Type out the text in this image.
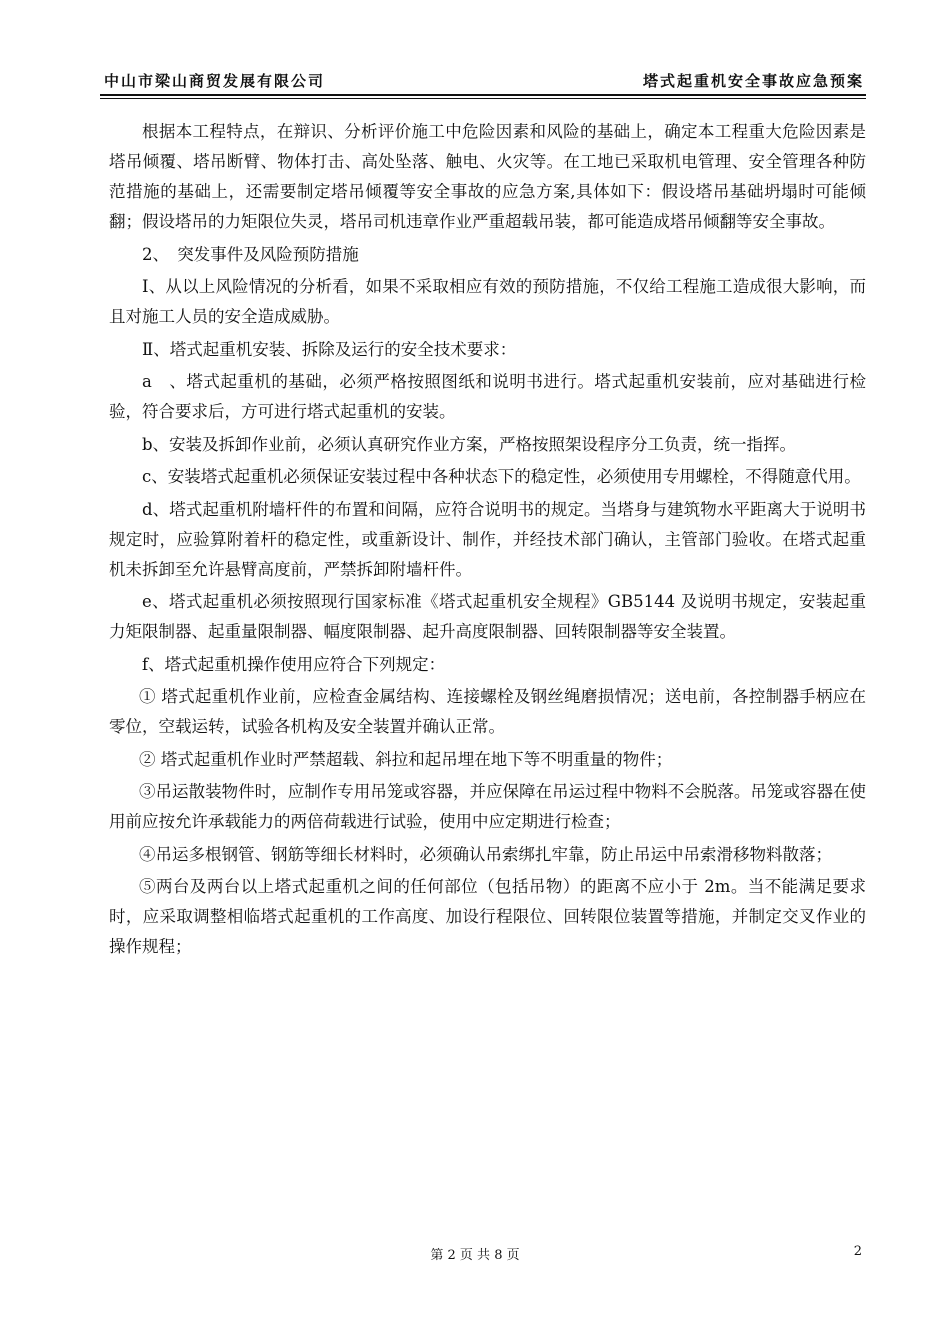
中山市梁山商贸发展有限公司	塔式起重机安全事故应急预案

根据本工程特点，在辩识、分析评价施工中危险因素和风险的基础上，确定本工程重大危险因素是塔吊倾覆、塔吊断臂、物体打击、高处坠落、触电、火灾等。在工地已采取机电管理、安全管理各种防范措施的基础上，还需要制定塔吊倾覆等安全事故的应急方案,具体如下：假设塔吊基础坍塌时可能倾翻；假设塔吊的力矩限位失灵，塔吊司机违章作业严重超载吊装，都可能造成塔吊倾翻等安全事故。

2、　突发事件及风险预防措施

Ⅰ、从以上风险情况的分析看，如果不采取相应有效的预防措施，不仅给工程施工造成很大影响，而且对施工人员的安全造成威胁。

Ⅱ、塔式起重机安装、拆除及运行的安全技术要求：

a　、塔式起重机的基础，必须严格按照图纸和说明书进行。塔式起重机安装前，应对基础进行检验，符合要求后，方可进行塔式起重机的安装。

b、安装及拆卸作业前，必须认真研究作业方案，严格按照架设程序分工负责，统一指挥。

c、安装塔式起重机必须保证安装过程中各种状态下的稳定性，必须使用专用螺栓，不得随意代用。

d、塔式起重机附墙杆件的布置和间隔，应符合说明书的规定。当塔身与建筑物水平距离大于说明书规定时，应验算附着杆的稳定性，或重新设计、制作，并经技术部门确认，主管部门验收。在塔式起重机未拆卸至允许悬臂高度前，严禁拆卸附墙杆件。

e、塔式起重机必须按照现行国家标准《塔式起重机安全规程》GB5144 及说明书规定，安装起重力矩限制器、起重量限制器、幅度限制器、起升高度限制器、回转限制器等安全装置。

f、塔式起重机操作使用应符合下列规定：

① 塔式起重机作业前，应检查金属结构、连接螺栓及钢丝绳磨损情况；送电前，各控制器手柄应在零位，空载运转，试验各机构及安全装置并确认正常。

② 塔式起重机作业时严禁超载、斜拉和起吊埋在地下等不明重量的物件；

③吊运散装物件时，应制作专用吊笼或容器，并应保障在吊运过程中物料不会脱落。吊笼或容器在使用前应按允许承载能力的两倍荷载进行试验，使用中应定期进行检查；

④吊运多根钢管、钢筋等细长材料时，必须确认吊索绑扎牢靠，防止吊运中吊索滑移物料散落；

⑤两台及两台以上塔式起重机之间的任何部位（包括吊物）的距离不应小于 2m。当不能满足要求时，应采取调整相临塔式起重机的工作高度、加设行程限位、回转限位装置等措施，并制定交叉作业的操作规程；

第 2 页 共 8 页	2
